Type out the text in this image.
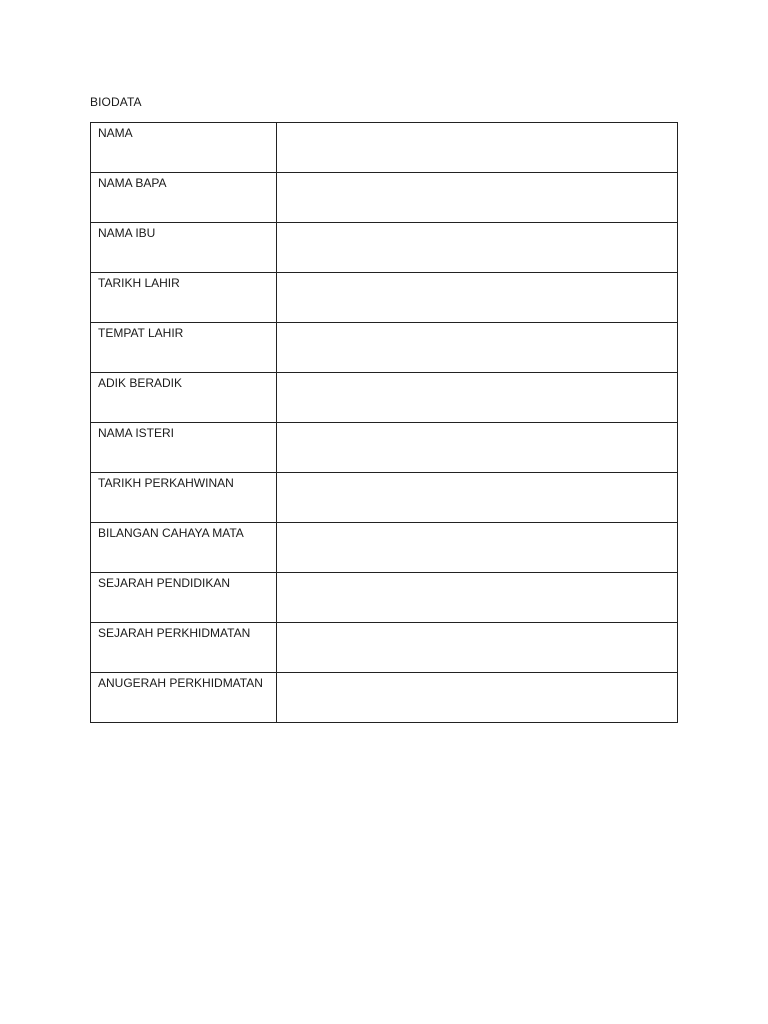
BIODATA
NAMA	

NAMA BAPA	

NAMA IBU	

TARIKH LAHIR	

TEMPAT LAHIR	

ADIK BERADIK	

NAMA ISTERI	

TARIKH PERKAHWINAN	

BILANGAN CAHAYA MATA	

SEJARAH PENDIDIKAN	

SEJARAH PERKHIDMATAN	

ANUGERAH PERKHIDMATAN	
